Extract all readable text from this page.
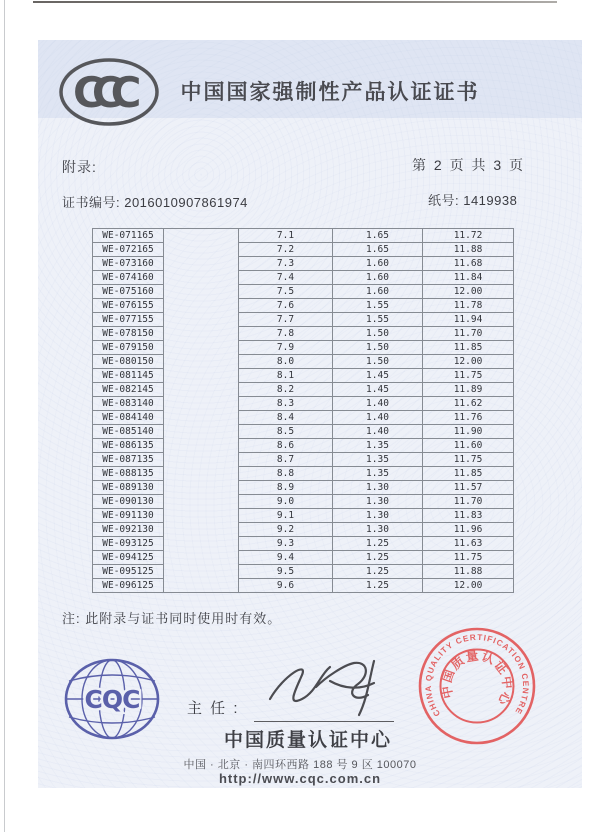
CCC	中国国家强制性产品认证证书
附录:	第 2 页 共 3 页
证书编号: 2016010907861974	纸号: 1419938
WE-071165		7.1	1.65	11.72
WE-072165		7.2	1.65	11.88
WE-073160		7.3	1.60	11.68
WE-074160		7.4	1.60	11.84
WE-075160		7.5	1.60	12.00
WE-076155		7.6	1.55	11.78
WE-077155		7.7	1.55	11.94
WE-078150		7.8	1.50	11.70
WE-079150		7.9	1.50	11.85
WE-080150		8.0	1.50	12.00
WE-081145		8.1	1.45	11.75
WE-082145		8.2	1.45	11.89
WE-083140		8.3	1.40	11.62
WE-084140		8.4	1.40	11.76
WE-085140		8.5	1.40	11.90
WE-086135		8.6	1.35	11.60
WE-087135		8.7	1.35	11.75
WE-088135		8.8	1.35	11.85
WE-089130		8.9	1.30	11.57
WE-090130		9.0	1.30	11.70
WE-091130		9.1	1.30	11.83
WE-092130		9.2	1.30	11.96
WE-093125		9.3	1.25	11.63
WE-094125		9.4	1.25	11.75
WE-095125		9.5	1.25	11.88
WE-096125		9.6	1.25	12.00
注: 此附录与证书同时使用时有效。
CQC	主 任 :
中国质量认证中心
中国 · 北京 · 南四环西路 188 号 9 区 100070
http://www.cqc.com.cn
CHINA QUALITY CERTIFICATION CENTRE
中国质量认证中心
